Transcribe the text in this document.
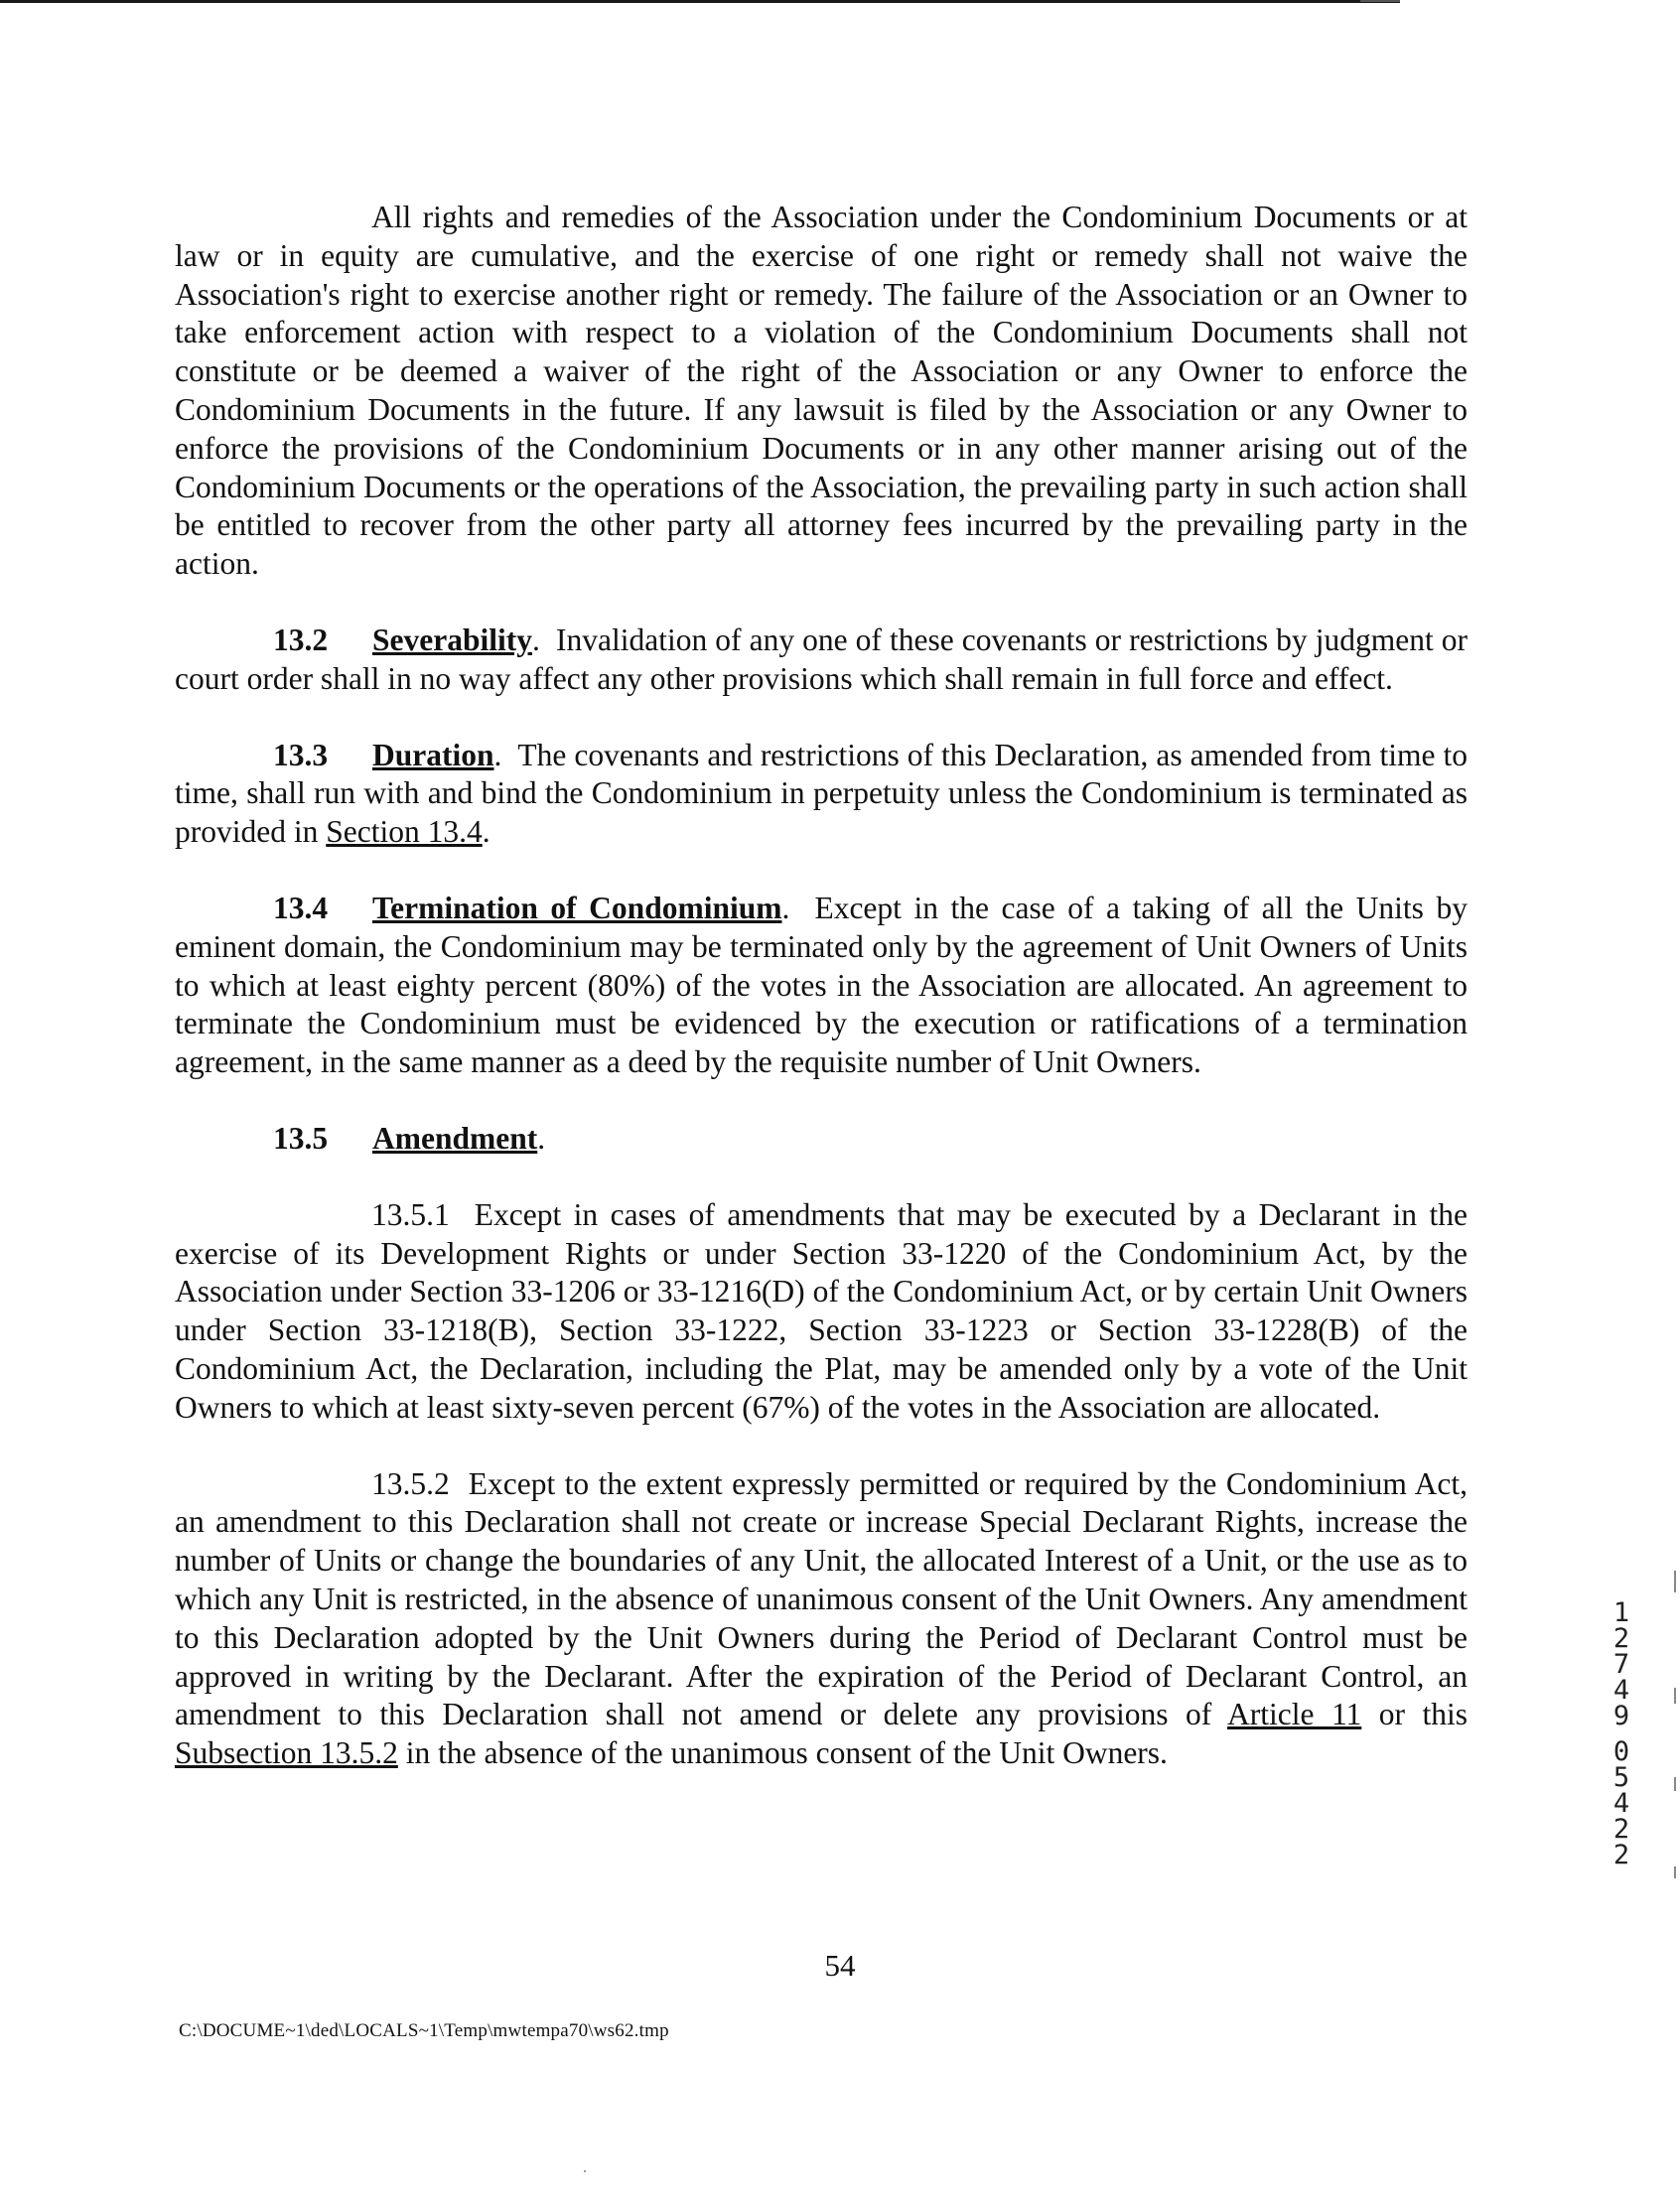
All rights and remedies of the Association under the Condominium Documents or at law or in equity are cumulative, and the exercise of one right or remedy shall not waive the Association's right to exercise another right or remedy. The failure of the Association or an Owner to take enforcement action with respect to a violation of the Condominium Documents shall not constitute or be deemed a waiver of the right of the Association or any Owner to enforce the Condominium Documents in the future. If any lawsuit is filed by the Association or any Owner to enforce the provisions of the Condominium Documents or in any other manner arising out of the Condominium Documents or the operations of the Association, the prevailing party in such action shall be entitled to recover from the other party all attorney fees incurred by the prevailing party in the action.

13.2 Severability.  Invalidation of any one of these covenants or restrictions by judgment or court order shall in no way affect any other provisions which shall remain in full force and effect.

13.3 Duration.  The covenants and restrictions of this Declaration, as amended from time to time, shall run with and bind the Condominium in perpetuity unless the Condominium is terminated as provided in Section 13.4.

13.4 Termination of Condominium.  Except in the case of a taking of all the Units by eminent domain, the Condominium may be terminated only by the agreement of Unit Owners of Units to which at least eighty percent (80%) of the votes in the Association are allocated. An agreement to terminate the Condominium must be evidenced by the execution or ratifications of a termination agreement, in the same manner as a deed by the requisite number of Unit Owners.

13.5 Amendment.

13.5.1 Except in cases of amendments that may be executed by a Declarant in the exercise of its Development Rights or under Section 33-1220 of the Condominium Act, by the Association under Section 33-1206 or 33-1216(D) of the Condominium Act, or by certain Unit Owners under Section 33-1218(B), Section 33-1222, Section 33-1223 or Section 33-1228(B) of the Condominium Act, the Declaration, including the Plat, may be amended only by a vote of the Unit Owners to which at least sixty-seven percent (67%) of the votes in the Association are allocated.

13.5.2 Except to the extent expressly permitted or required by the Condominium Act, an amendment to this Declaration shall not create or increase Special Declarant Rights, increase the number of Units or change the boundaries of any Unit, the allocated Interest of a Unit, or the use as to which any Unit is restricted, in the absence of unanimous consent of the Unit Owners. Any amendment to this Declaration adopted by the Unit Owners during the Period of Declarant Control must be approved in writing by the Declarant. After the expiration of the Period of Declarant Control, an amendment to this Declaration shall not amend or delete any provisions of Article 11 or this Subsection 13.5.2 in the absence of the unanimous consent of the Unit Owners.

54
C:\DOCUME~1\ded\LOCALS~1\Temp\mwtempa70\ws62.tmp
1
2
7
4
9
0
5
4
2
2
